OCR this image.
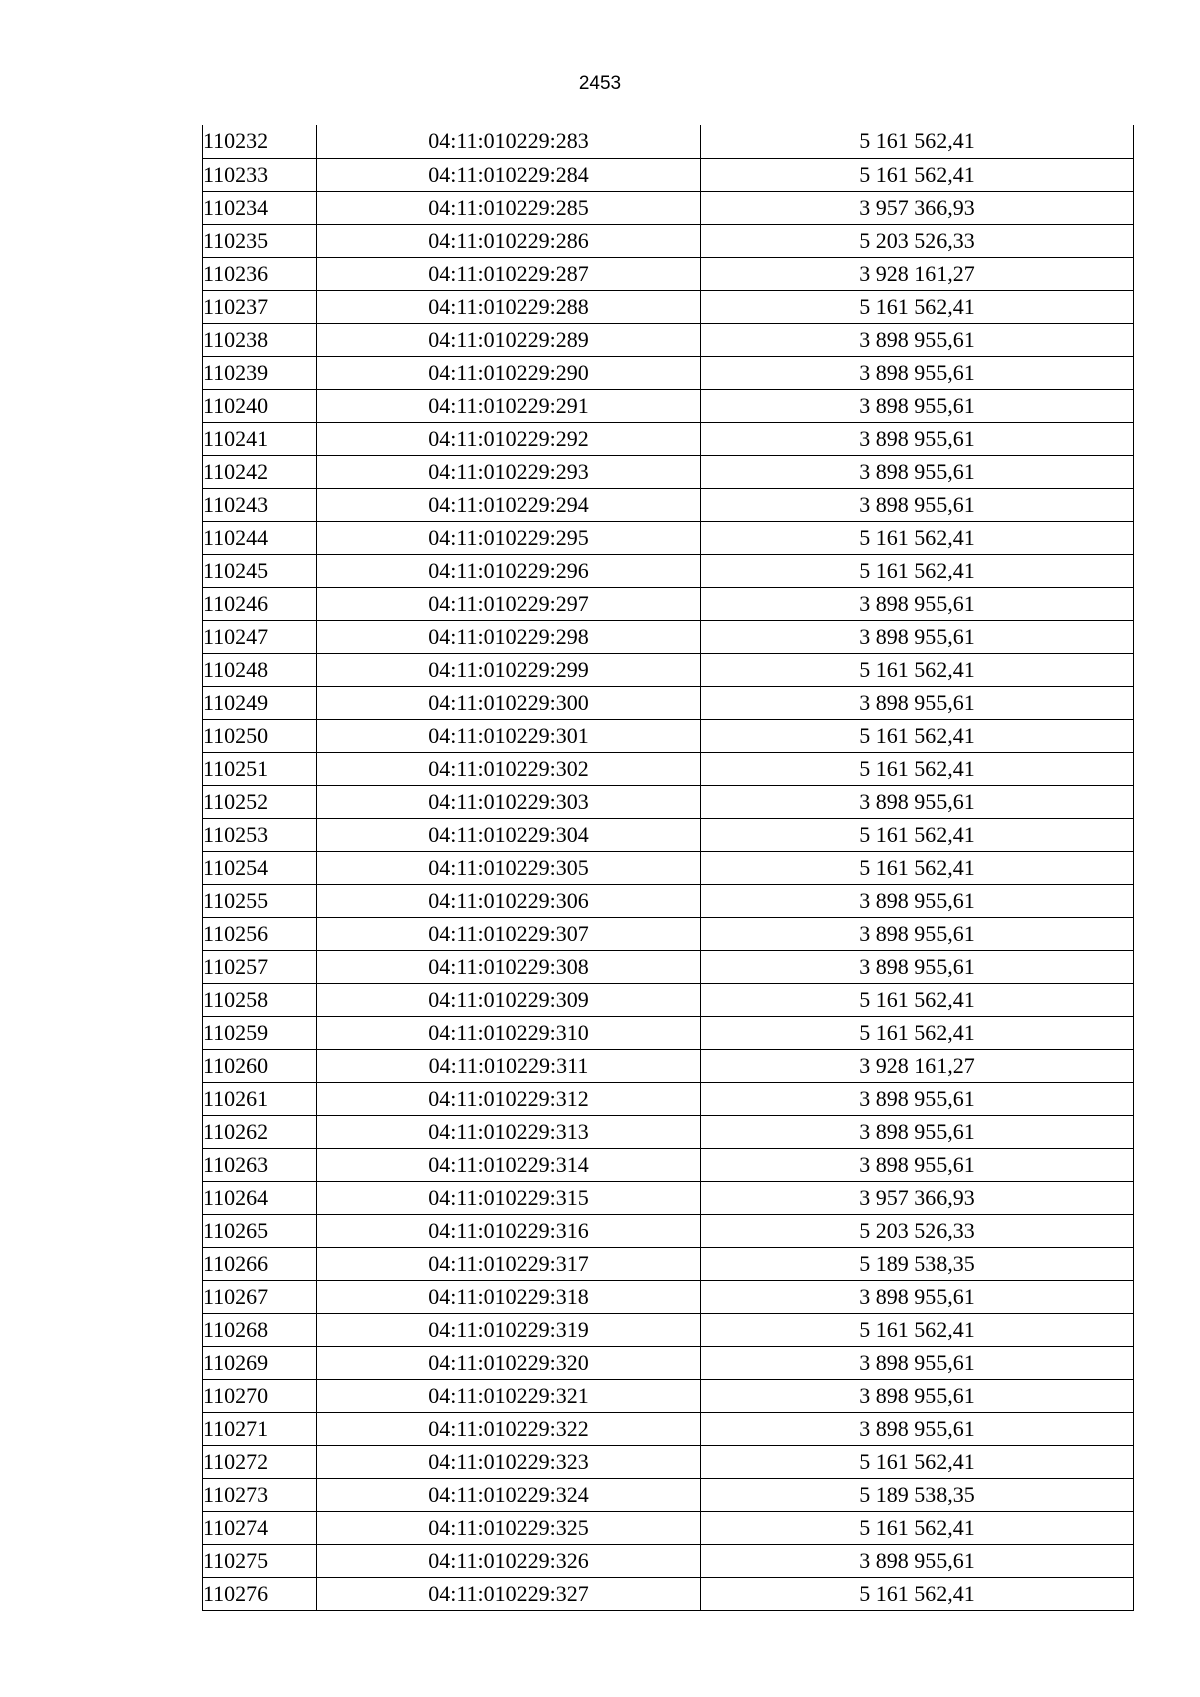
2453
110232	04:11:010229:283	5 161 562,41
110233	04:11:010229:284	5 161 562,41
110234	04:11:010229:285	3 957 366,93
110235	04:11:010229:286	5 203 526,33
110236	04:11:010229:287	3 928 161,27
110237	04:11:010229:288	5 161 562,41
110238	04:11:010229:289	3 898 955,61
110239	04:11:010229:290	3 898 955,61
110240	04:11:010229:291	3 898 955,61
110241	04:11:010229:292	3 898 955,61
110242	04:11:010229:293	3 898 955,61
110243	04:11:010229:294	3 898 955,61
110244	04:11:010229:295	5 161 562,41
110245	04:11:010229:296	5 161 562,41
110246	04:11:010229:297	3 898 955,61
110247	04:11:010229:298	3 898 955,61
110248	04:11:010229:299	5 161 562,41
110249	04:11:010229:300	3 898 955,61
110250	04:11:010229:301	5 161 562,41
110251	04:11:010229:302	5 161 562,41
110252	04:11:010229:303	3 898 955,61
110253	04:11:010229:304	5 161 562,41
110254	04:11:010229:305	5 161 562,41
110255	04:11:010229:306	3 898 955,61
110256	04:11:010229:307	3 898 955,61
110257	04:11:010229:308	3 898 955,61
110258	04:11:010229:309	5 161 562,41
110259	04:11:010229:310	5 161 562,41
110260	04:11:010229:311	3 928 161,27
110261	04:11:010229:312	3 898 955,61
110262	04:11:010229:313	3 898 955,61
110263	04:11:010229:314	3 898 955,61
110264	04:11:010229:315	3 957 366,93
110265	04:11:010229:316	5 203 526,33
110266	04:11:010229:317	5 189 538,35
110267	04:11:010229:318	3 898 955,61
110268	04:11:010229:319	5 161 562,41
110269	04:11:010229:320	3 898 955,61
110270	04:11:010229:321	3 898 955,61
110271	04:11:010229:322	3 898 955,61
110272	04:11:010229:323	5 161 562,41
110273	04:11:010229:324	5 189 538,35
110274	04:11:010229:325	5 161 562,41
110275	04:11:010229:326	3 898 955,61
110276	04:11:010229:327	5 161 562,41
